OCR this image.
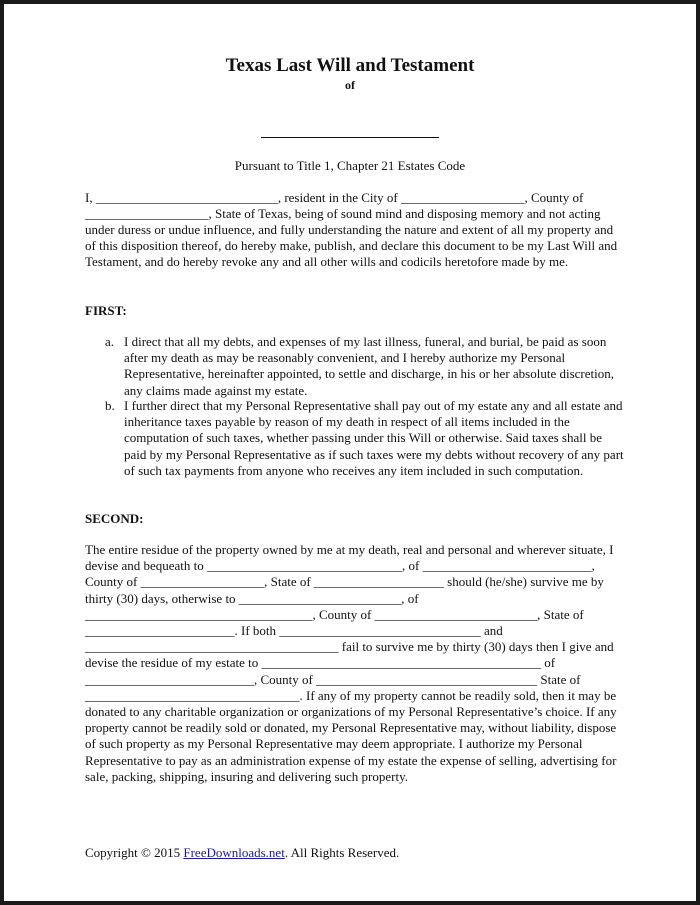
Texas Last Will and Testament
of
Pursuant to Title 1, Chapter 21 Estates Code

I, ____________________________, resident in the City of ___________________, County of ___________________, State of Texas, being of sound mind and disposing memory and not acting under duress or undue influence, and fully understanding the nature and extent of all my property and of this disposition thereof, do hereby make, publish, and declare this document to be my Last Will and Testament, and do hereby revoke any and all other wills and codicils heretofore made by me.

FIRST:
a. I direct that all my debts, and expenses of my last illness, funeral, and burial, be paid as soon after my death as may be reasonably convenient, and I hereby authorize my Personal Representative, hereinafter appointed, to settle and discharge, in his or her absolute discretion, any claims made against my estate.
b. I further direct that my Personal Representative shall pay out of my estate any and all estate and inheritance taxes payable by reason of my death in respect of all items included in the computation of such taxes, whether passing under this Will or otherwise. Said taxes shall be paid by my Personal Representative as if such taxes were my debts without recovery of any part of such tax payments from anyone who receives any item included in such computation.
SECOND:

The entire residue of the property owned by me at my death, real and personal and wherever situate, I devise and bequeath to ______________________________, of __________________________, County of ___________________, State of ____________________ should (he/she) survive me by thirty (30) days, otherwise to _________________________, of ___________________________________, County of _________________________, State of _______________________. If both _______________________________ and _______________________________________ fail to survive me by thirty (30) days then I give and devise the residue of my estate to ___________________________________________ of __________________________, County of __________________________________ State of _________________________________. If any of my property cannot be readily sold, then it may be donated to any charitable organization or organizations of my Personal Representative’s choice. If any property cannot be readily sold or donated, my Personal Representative may, without liability, dispose of such property as my Personal Representative may deem appropriate. I authorize my Personal Representative to pay as an administration expense of my estate the expense of selling, advertising for sale, packing, shipping, insuring and delivering such property.

Copyright © 2015 FreeDownloads.net. All Rights Reserved.
